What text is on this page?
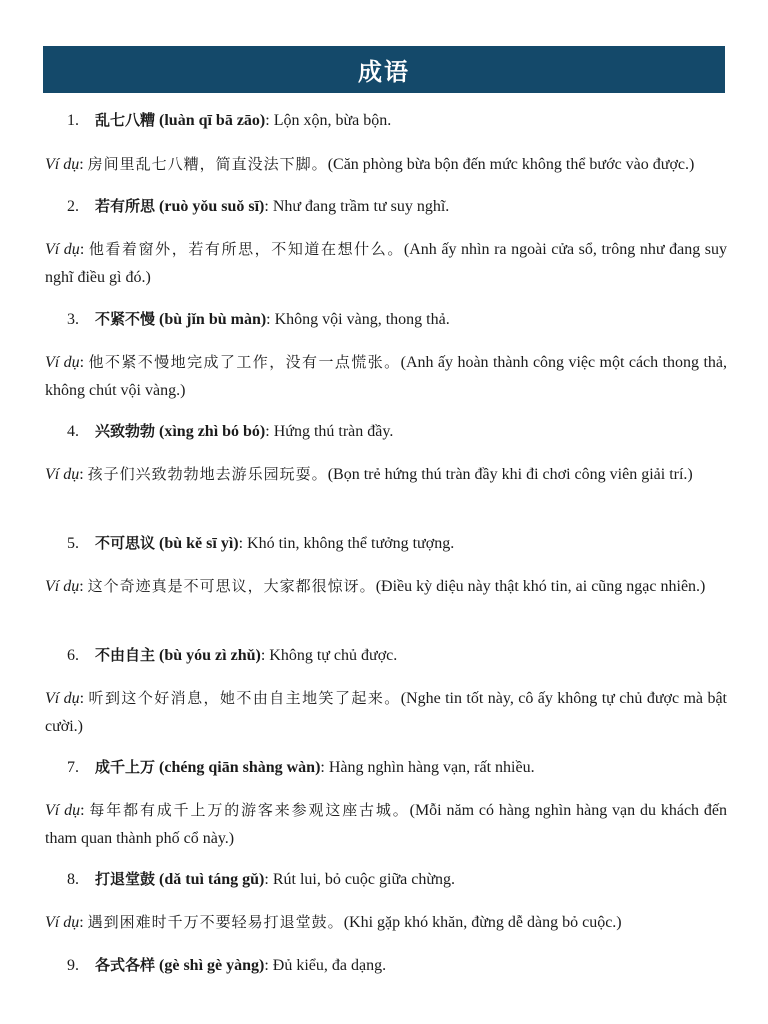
成语
1. 乱七八糟 (luàn qī bā zāo): Lộn xộn, bừa bộn.
Ví dụ: 房间里乱七八糟，简直没法下脚。(Căn phòng bừa bộn đến mức không thể bước vào được.)
2. 若有所思 (ruò yǒu suǒ sī): Như đang trầm tư suy nghĩ.
Ví dụ: 他看着窗外，若有所思，不知道在想什么。(Anh ấy nhìn ra ngoài cửa sổ, trông như đang suy nghĩ điều gì đó.)
3. 不紧不慢 (bù jǐn bù màn): Không vội vàng, thong thả.
Ví dụ: 他不紧不慢地完成了工作，没有一点慌张。(Anh ấy hoàn thành công việc một cách thong thả, không chút vội vàng.)
4. 兴致勃勃 (xìng zhì bó bó): Hứng thú tràn đầy.
Ví dụ: 孩子们兴致勃勃地去游乐园玩耍。(Bọn trẻ hứng thú tràn đầy khi đi chơi công viên giải trí.)
5. 不可思议 (bù kě sī yì): Khó tin, không thể tưởng tượng.
Ví dụ: 这个奇迹真是不可思议，大家都很惊讶。(Điều kỳ diệu này thật khó tin, ai cũng ngạc nhiên.)
6. 不由自主 (bù yóu zì zhǔ): Không tự chủ được.
Ví dụ: 听到这个好消息，她不由自主地笑了起来。(Nghe tin tốt này, cô ấy không tự chủ được mà bật cười.)
7. 成千上万 (chéng qiān shàng wàn): Hàng nghìn hàng vạn, rất nhiều.
Ví dụ: 每年都有成千上万的游客来参观这座古城。(Mỗi năm có hàng nghìn hàng vạn du khách đến tham quan thành phố cổ này.)
8. 打退堂鼓 (dǎ tuì táng gǔ): Rút lui, bỏ cuộc giữa chừng.
Ví dụ: 遇到困难时千万不要轻易打退堂鼓。(Khi gặp khó khăn, đừng dễ dàng bỏ cuộc.)
9. 各式各样 (gè shì gè yàng): Đủ kiểu, đa dạng.
